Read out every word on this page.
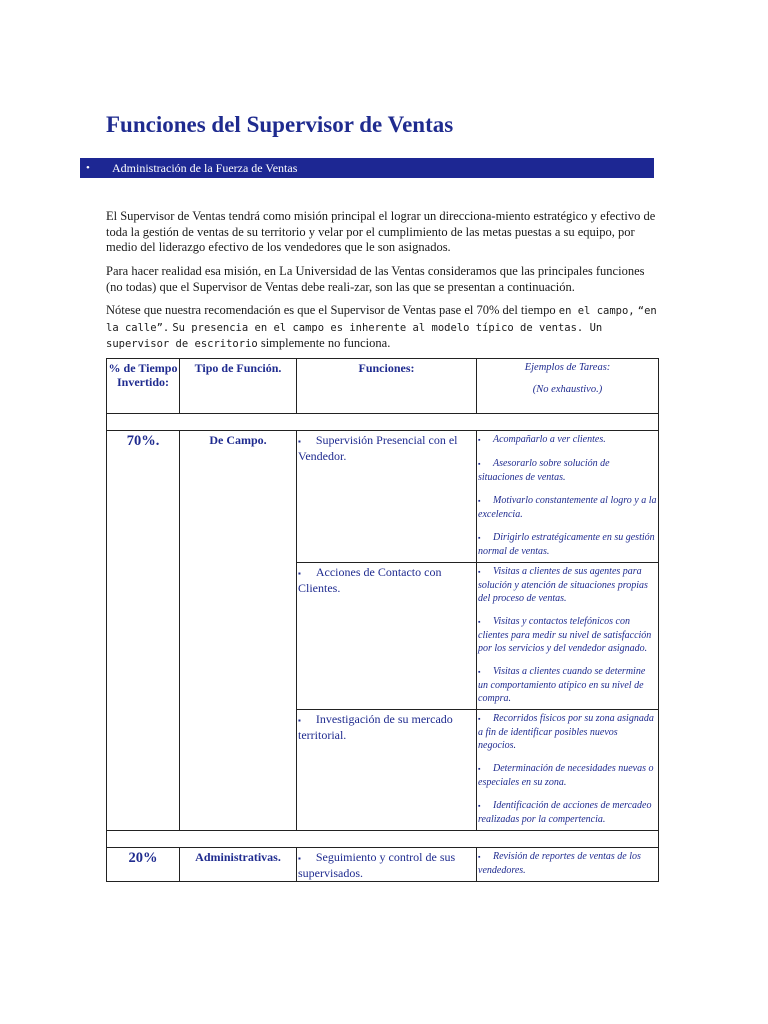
Funciones del Supervisor de Ventas
• Administración de la Fuerza de Ventas
El Supervisor de Ventas tendrá como misión principal el lograr un direcciona-miento estratégico y efectivo de toda la gestión de ventas de su territorio y velar por el cumplimiento de las metas puestas a su equipo, por medio del liderazgo efectivo de los vendedores que le son asignados.
Para hacer realidad esa misión, en La Universidad de las Ventas consideramos que las principales funciones (no todas) que el Supervisor de Ventas debe reali-zar, son las que se presentan a continuación.
Nótese que nuestra recomendación es que el Supervisor de Ventas pase el 70% del tiempo en el campo, “en la calle”. Su presencia en el campo es inherente al modelo típico de ventas. Un supervisor de escritorio simplemente no funciona.
% de Tiempo Invertido:	Tipo de Función.	Funciones:	Ejemplos de Tareas:
(No exhaustivo.)

70%.	De Campo.	▪ Supervisión Presencial con el Vendedor.	▪ Acompañarlo a ver clientes.
▪ Asesorarlo sobre solución de situaciones de ventas.
▪ Motivarlo constantemente al logro y a la excelencia.
▪ Dirigirlo estratégicamente en su gestión normal de ventas.

		▪ Acciones de Contacto con Clientes.	▪ Visitas a clientes de sus agentes para solución y atención de situaciones propias del proceso de ventas.
▪ Visitas y contactos telefónicos con clientes para medir su nivel de satisfacción por los servicios y del vendedor asignado.
▪ Visitas a clientes cuando se determine un comportamiento atípico en su nivel de compra.

		▪ Investigación de su mercado territorial.	▪ Recorridos físicos por su zona asignada a fin de identificar posibles nuevos negocios.
▪ Determinación de necesidades nuevas o especiales en su zona.
▪ Identificación de acciones de mercadeo realizadas por la compertencia.

20%	Administrativas.	▪ Seguimiento y control de sus supervisados.	▪ Revisión de reportes de ventas de los vendedores.
